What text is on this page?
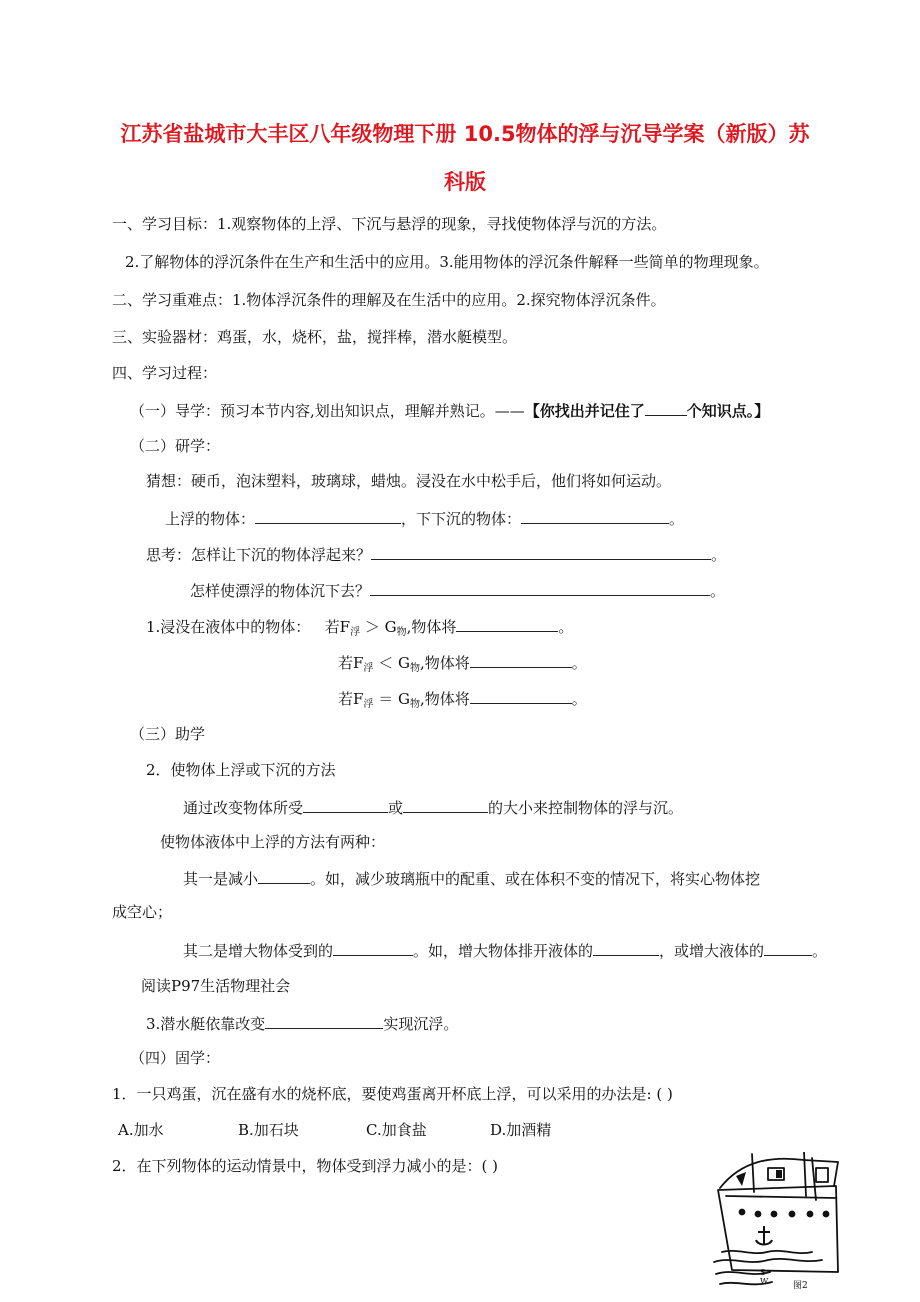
江苏省盐城市大丰区八年级物理下册 10.5物体的浮与沉导学案（新版）苏
科版
一、学习目标：1.观察物体的上浮、下沉与悬浮的现象，寻找使物体浮与沉的方法。
2.了解物体的浮沉条件在生产和生活中的应用。3.能用物体的浮沉条件解释一些简单的物理现象。
二、学习重难点：1.物体浮沉条件的理解及在生活中的应用。2.探究物体浮沉条件。
三、实验器材：鸡蛋，水，烧杯，盐，搅拌棒，潜水艇模型。
四、学习过程：
（一）导学：预习本节内容,划出知识点，理解并熟记。——【你找出并记住了	个知识点。】
（二）研学：
猜想：硬币，泡沫塑料，玻璃球，蜡烛。浸没在水中松手后，他们将如何运动。
上浮的物体：	，下下沉的物体：	。
思考：怎样让下沉的物体浮起来？	。
怎样使漂浮的物体沉下去？	。
1.浸没在液体中的物体： 若$F_浮 > G_物$,物体将	。
若$F_浮 < G_物$,物体将	。
若$F_浮 = G_物$,物体将	。
（三）助学
2．使物体上浮或下沉的方法
通过改变物体所受	或	的大小来控制物体的浮与沉。
使物体液体中上浮的方法有两种：
其一是减小	。如，减少玻璃瓶中的配重、或在体积不变的情况下，将实心物体挖
成空心；
其二是增大物体受到的	。如，增大物体排开液体的	，或增大液体的	。
阅读P97生活物理社会
3.潜水艇依靠改变	实现沉浮。
（四）固学：
1．一只鸡蛋，沉在盛有水的烧杯底，要使鸡蛋离开杯底上浮，可以采用的办法是: ( )
A.加水	B.加石块	C.加食盐	D.加酒精
2．在下列物体的运动情景中，物体受到浮力减小的是：( )
S W	图2
